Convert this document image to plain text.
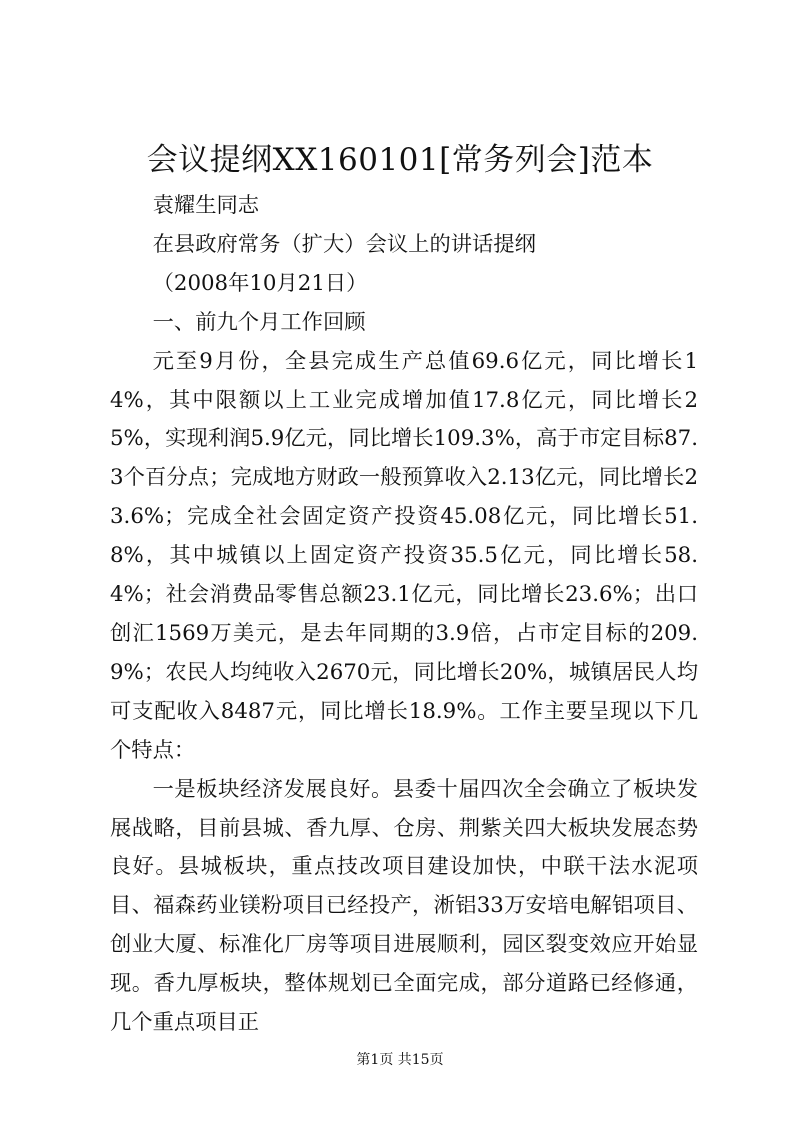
会议提纲XX160101[常务列会]范本

袁耀生同志

在县政府常务（扩大）会议上的讲话提纲

（2008年10月21日）

一、前九个月工作回顾

元至9月份，全县完成生产总值69.6亿元，同比增长14%，其中限额以上工业完成增加值17.8亿元，同比增长25%，实现利润5.9亿元，同比增长109.3%，高于市定目标87.3个百分点；完成地方财政一般预算收入2.13亿元，同比增长23.6%；完成全社会固定资产投资45.08亿元，同比增长51.8%，其中城镇以上固定资产投资35.5亿元，同比增长58.4%；社会消费品零售总额23.1亿元，同比增长23.6%；出口创汇1569万美元，是去年同期的3.9倍，占市定目标的209.9%；农民人均纯收入2670元，同比增长20%，城镇居民人均可支配收入8487元，同比增长18.9%。工作主要呈现以下几个特点：

一是板块经济发展良好。县委十届四次全会确立了板块发展战略，目前县城、香九厚、仓房、荆紫关四大板块发展态势良好。县城板块，重点技改项目建设加快，中联干法水泥项目、福森药业镁粉项目已经投产，淅铝33万安培电解铝项目、创业大厦、标准化厂房等项目进展顺利，园区裂变效应开始显现。香九厚板块，整体规划已全面完成，部分道路已经修通，几个重点项目正

第1页 共15页
